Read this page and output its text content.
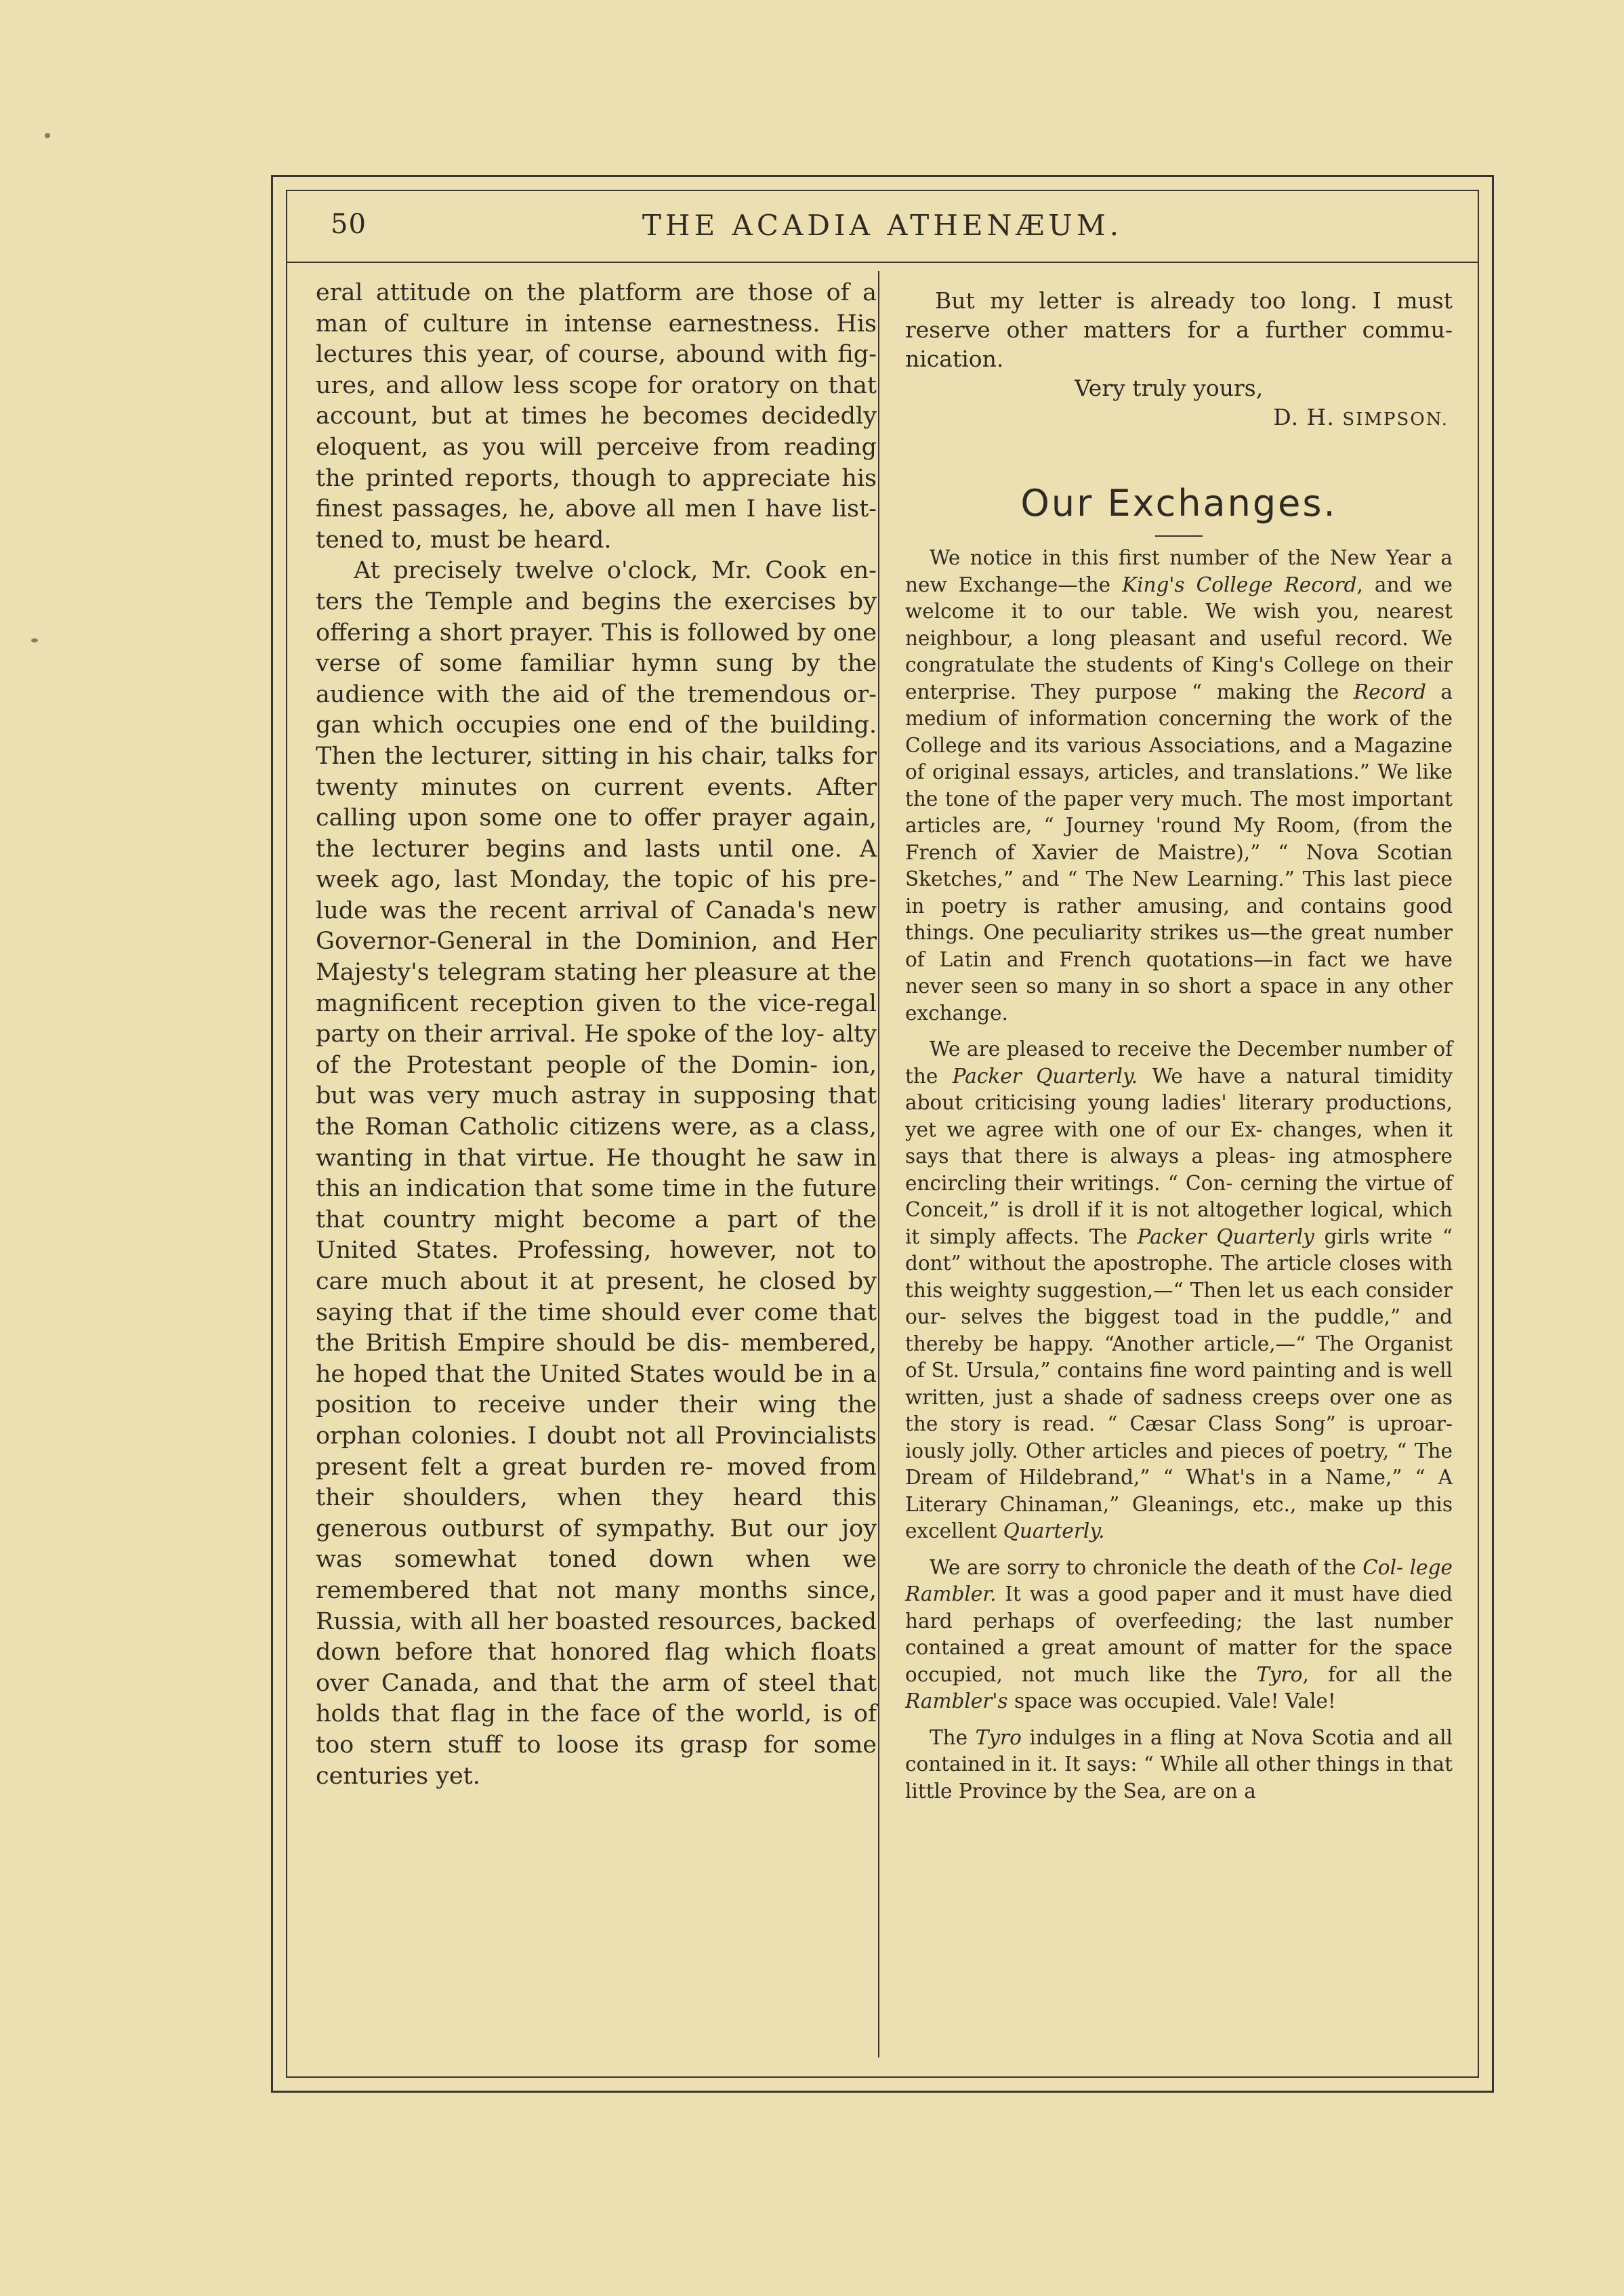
50	THE ACADIA ATHENÆUM.

eral attitude on the platform are those of a man of culture in intense earnestness. His lectures this year, of course, abound with fig- ures, and allow less scope for oratory on that account, but at times he becomes decidedly eloquent, as you will perceive from reading the printed reports, though to appreciate his finest passages, he, above all men I have list- tened to, must be heard.

At precisely twelve o'clock, Mr. Cook en- ters the Temple and begins the exercises by offering a short prayer. This is followed by one verse of some familiar hymn sung by the audience with the aid of the tremendous or- gan which occupies one end of the building. Then the lecturer, sitting in his chair, talks for twenty minutes on current events. After calling upon some one to offer prayer again, the lecturer begins and lasts until one. A week ago, last Monday, the topic of his pre- lude was the recent arrival of Canada's new Governor-General in the Dominion, and Her Majesty's telegram stating her pleasure at the magnificent reception given to the vice-regal party on their arrival. He spoke of the loy- alty of the Protestant people of the Domin- ion, but was very much astray in supposing that the Roman Catholic citizens were, as a class, wanting in that virtue. He thought he saw in this an indication that some time in the future that country might become a part of the United States. Professing, however, not to care much about it at present, he closed by saying that if the time should ever come that the British Empire should be dis- membered, he hoped that the United States would be in a position to receive under their wing the orphan colonies. I doubt not all Provincialists present felt a great burden re- moved from their shoulders, when they heard this generous outburst of sympathy. But our joy was somewhat toned down when we remembered that not many months since, Russia, with all her boasted resources, backed down before that honored flag which floats over Canada, and that the arm of steel that holds that flag in the face of the world, is of too stern stuff to loose its grasp for some centuries yet.

But my letter is already too long. I must reserve other matters for a further commu- nication.

Very truly yours,
D. H. SIMPSON.
Our Exchanges.

We notice in this first number of the New Year a new Exchange—the King's College Record, and we welcome it to our table. We wish you, nearest neighbour, a long pleasant and useful record. We congratulate the students of King's College on their enterprise. They purpose “ making the Record a medium of information concerning the work of the College and its various Associations, and a Magazine of original essays, articles, and translations.” We like the tone of the paper very much. The most important articles are, “ Journey 'round My Room, (from the French of Xavier de Maistre),” “ Nova Scotian Sketches,” and “ The New Learning.” This last piece in poetry is rather amusing, and contains good things. One peculiarity strikes us—the great number of Latin and French quotations—in fact we have never seen so many in so short a space in any other exchange.

We are pleased to receive the December number of the Packer Quarterly. We have a natural timidity about criticising young ladies' literary productions, yet we agree with one of our Ex- changes, when it says that there is always a pleas- ing atmosphere encircling their writings. “ Con- cerning the virtue of Conceit,” is droll if it is not altogether logical, which it simply affects. The Packer Quarterly girls write “ dont” without the apostrophe. The article closes with this weighty suggestion,—“ Then let us each consider our- selves the biggest toad in the puddle,” and thereby be happy. “Another article,—“ The Organist of St. Ursula,” contains fine word painting and is well written, just a shade of sadness creeps over one as the story is read. “ Cæsar Class Song” is uproar- iously jolly. Other articles and pieces of poetry, “ The Dream of Hildebrand,” “ What's in a Name,” “ A Literary Chinaman,” Gleanings, etc., make up this excellent Quarterly.

We are sorry to chronicle the death of the Col- lege Rambler. It was a good paper and it must have died hard perhaps of overfeeding; the last number contained a great amount of matter for the space occupied, not much like the Tyro, for all the Rambler's space was occupied. Vale! Vale!

The Tyro indulges in a fling at Nova Scotia and all contained in it. It says: “ While all other things in that little Province by the Sea, are on a
